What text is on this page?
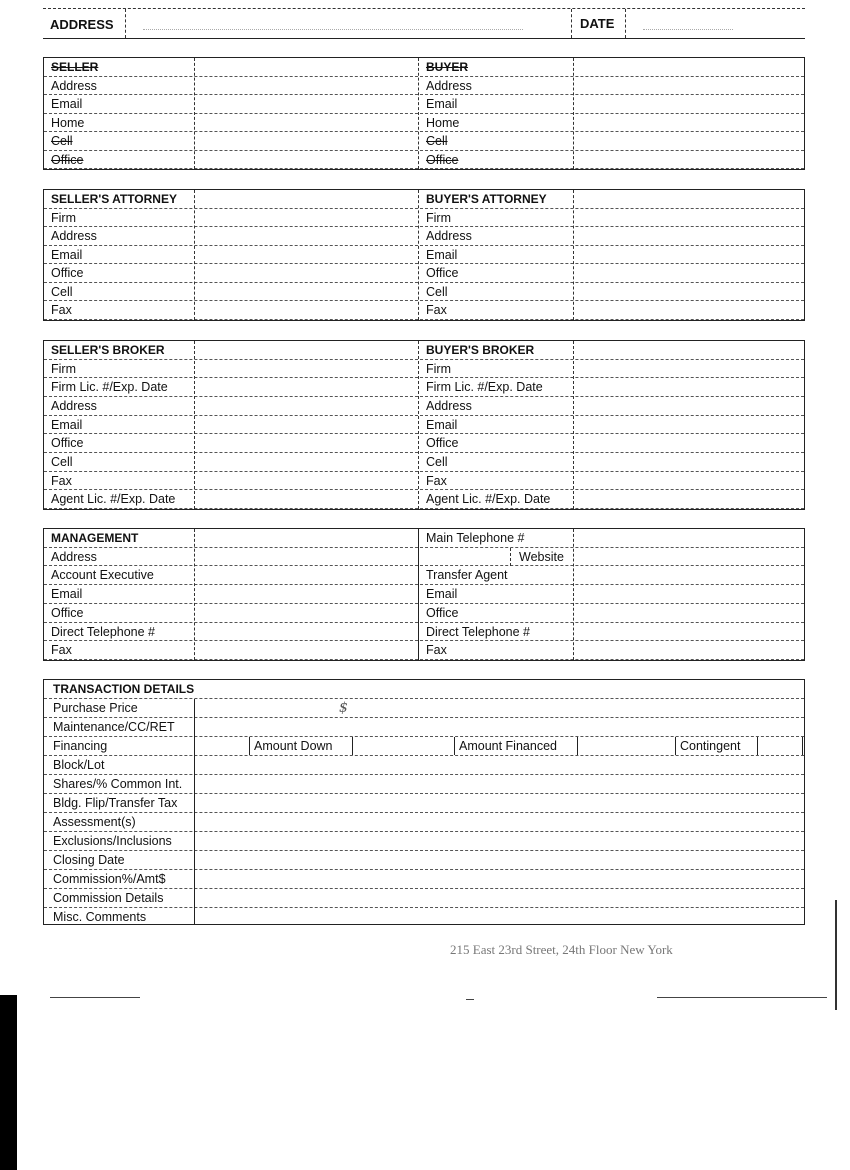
ADDRESS	DATE
SELLER	BUYER
Address	Address
Email	Email
Home	Home
Cell	Cell
Office	Office
SELLER'S ATTORNEY	BUYER'S ATTORNEY
Firm	Firm
Address	Address
Email	Email
Office	Office
Cell	Cell
Fax	Fax
SELLER'S BROKER	BUYER'S BROKER
Firm	Firm
Firm Lic. #/Exp. Date	Firm Lic. #/Exp. Date
Address	Address
Email	Email
Office	Office
Cell	Cell
Fax	Fax
Agent Lic. #/Exp. Date	Agent Lic. #/Exp. Date
MANAGEMENT	Main Telephone #
Address	Website
Account Executive	Transfer Agent
Email	Email
Office	Office
Direct Telephone #	Direct Telephone #
Fax	Fax
TRANSACTION DETAILS
Purchase Price	$
Maintenance/CC/RET
Financing	Amount Down	Amount Financed	Contingent
Block/Lot
Shares/% Common Int.
Bldg. Flip/Transfer Tax
Assessment(s)
Exclusions/Inclusions
Closing Date
Commission%/Amt$
Commission Details
Misc. Comments
215 East 23rd Street, 24th Floor New York
